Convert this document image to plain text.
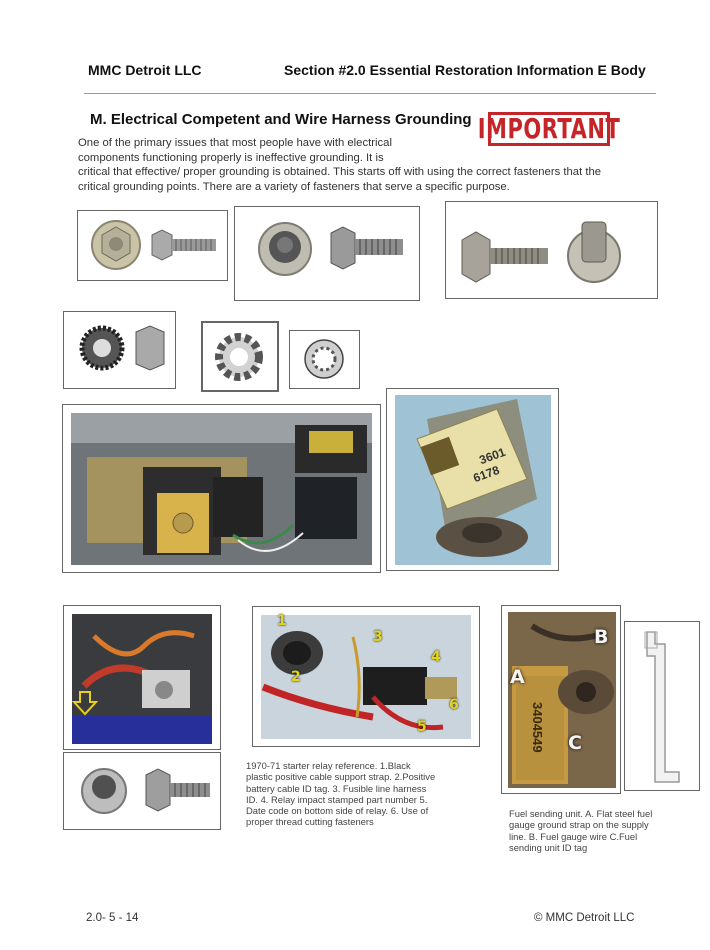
MMC Detroit LLC	Section #2.0 Essential Restoration Information E Body
M. Electrical Competent and Wire Harness Grounding IMPORTANT
One of the primary issues that most people have with electrical
components functioning properly is ineffective grounding. It is
critical that effective/ proper grounding is obtained. This starts off with using the correct fasteners that the
critical grounding points. There are a variety of fasteners that serve a specific purpose.
3601
6178
1
2
3
4
5
6
1970-71 starter relay reference. 1.Black
plastic positive cable support strap. 2.Positive
battery cable ID tag. 3. Fusible line harness
ID. 4. Relay impact stamped part number 5.
Date code on bottom side of relay. 6. Use of
proper thread cutting fasteners
A
B
C
3404549
Fuel sending unit. A. Flat steel fuel
gauge ground strap on the supply
line. B. Fuel gauge wire C.Fuel
sending unit ID tag
2.0- 5 - 14	© MMC Detroit LLC
